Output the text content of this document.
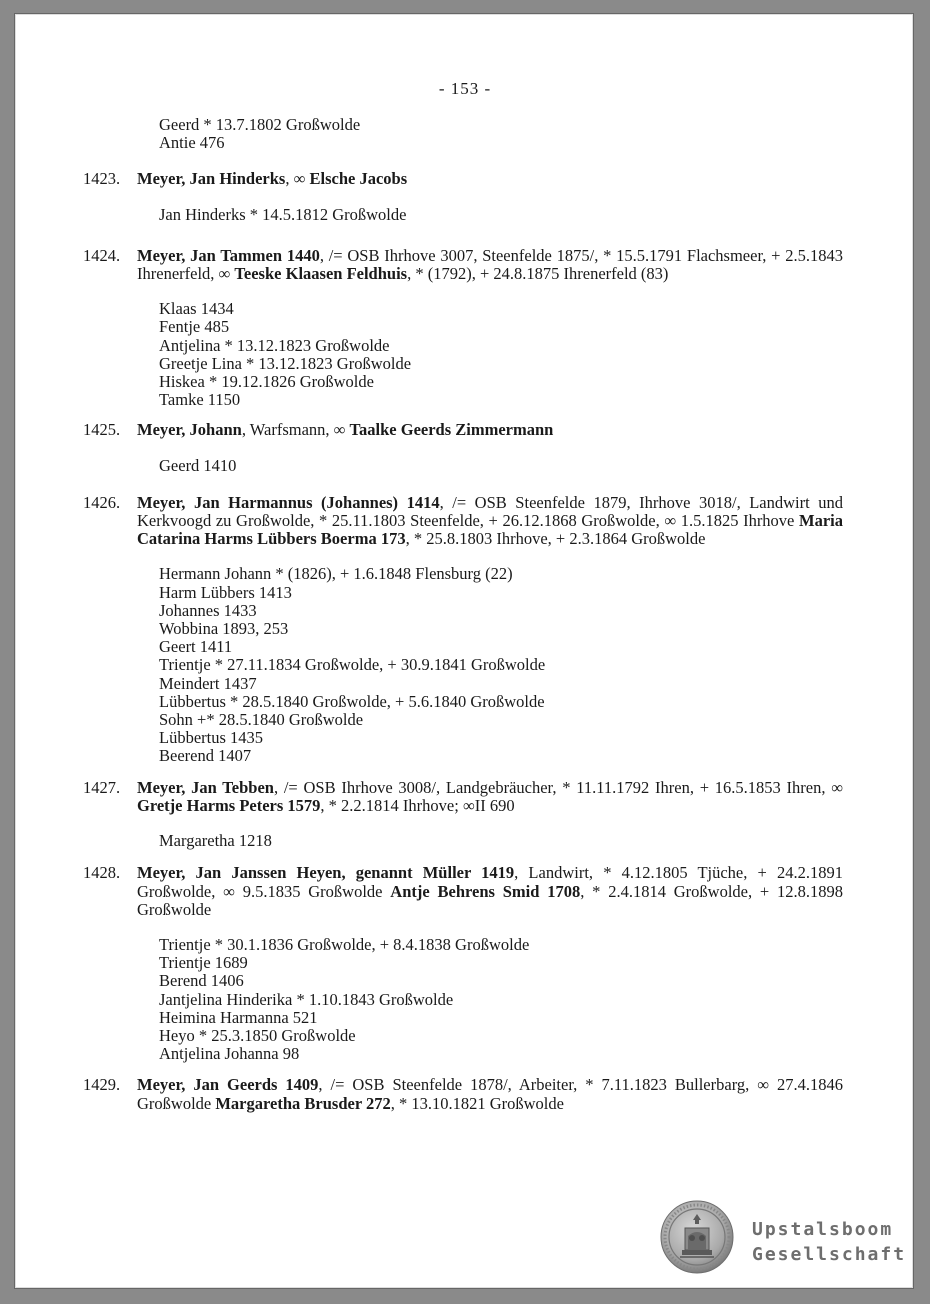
- 153 -
Geerd * 13.7.1802 Großwolde
Antie 476
1423. Meyer, Jan Hinderks, ∞ Elsche Jacobs
Jan Hinderks * 14.5.1812 Großwolde
1424. Meyer, Jan Tammen 1440, /= OSB Ihrhove 3007, Steenfelde 1875/, * 15.5.1791 Flachsmeer, + 2.5.1843 Ihrenerfeld, ∞ Teeske Klaasen Feldhuis, * (1792), + 24.8.1875 Ihrenerfeld (83)
Klaas 1434
Fentje 485
Antjelina * 13.12.1823 Großwolde
Greetje Lina * 13.12.1823 Großwolde
Hiskea * 19.12.1826 Großwolde
Tamke 1150
1425. Meyer, Johann, Warfsmann, ∞ Taalke Geerds Zimmermann
Geerd 1410
1426. Meyer, Jan Harmannus (Johannes) 1414, /= OSB Steenfelde 1879, Ihrhove 3018/, Landwirt und Kerkvoogd zu Großwolde, * 25.11.1803 Steenfelde, + 26.12.1868 Großwolde, ∞ 1.5.1825 Ihrhove Maria Catarina Harms Lübbers Boerma 173, * 25.8.1803 Ihrhove, + 2.3.1864 Großwolde
Hermann Johann * (1826), + 1.6.1848 Flensburg (22)
Harm Lübbers 1413
Johannes 1433
Wobbina 1893, 253
Geert 1411
Trientje * 27.11.1834 Großwolde, + 30.9.1841 Großwolde
Meindert 1437
Lübbertus * 28.5.1840 Großwolde, + 5.6.1840 Großwolde
Sohn +* 28.5.1840 Großwolde
Lübbertus 1435
Beerend 1407
1427. Meyer, Jan Tebben, /= OSB Ihrhove 3008/, Landgebräucher, * 11.11.1792 Ihren, + 16.5.1853 Ihren, ∞ Gretje Harms Peters 1579, * 2.2.1814 Ihrhove; ∞II 690
Margaretha 1218
1428. Meyer, Jan Janssen Heyen, genannt Müller 1419, Landwirt, * 4.12.1805 Tjüche, + 24.2.1891 Großwolde, ∞ 9.5.1835 Großwolde Antje Behrens Smid 1708, * 2.4.1814 Großwolde, + 12.8.1898 Großwolde
Trientje * 30.1.1836 Großwolde, + 8.4.1838 Großwolde
Trientje 1689
Berend 1406
Jantjelina Hinderika * 1.10.1843 Großwolde
Heimina Harmanna 521
Heyo * 25.3.1850 Großwolde
Antjelina Johanna 98
1429. Meyer, Jan Geerds 1409, /= OSB Steenfelde 1878/, Arbeiter, * 7.11.1823 Bullerbarg, ∞ 27.4.1846 Großwolde Margaretha Brusder 272, * 13.10.1821 Großwolde
Upstalsboom
Gesellschaft
